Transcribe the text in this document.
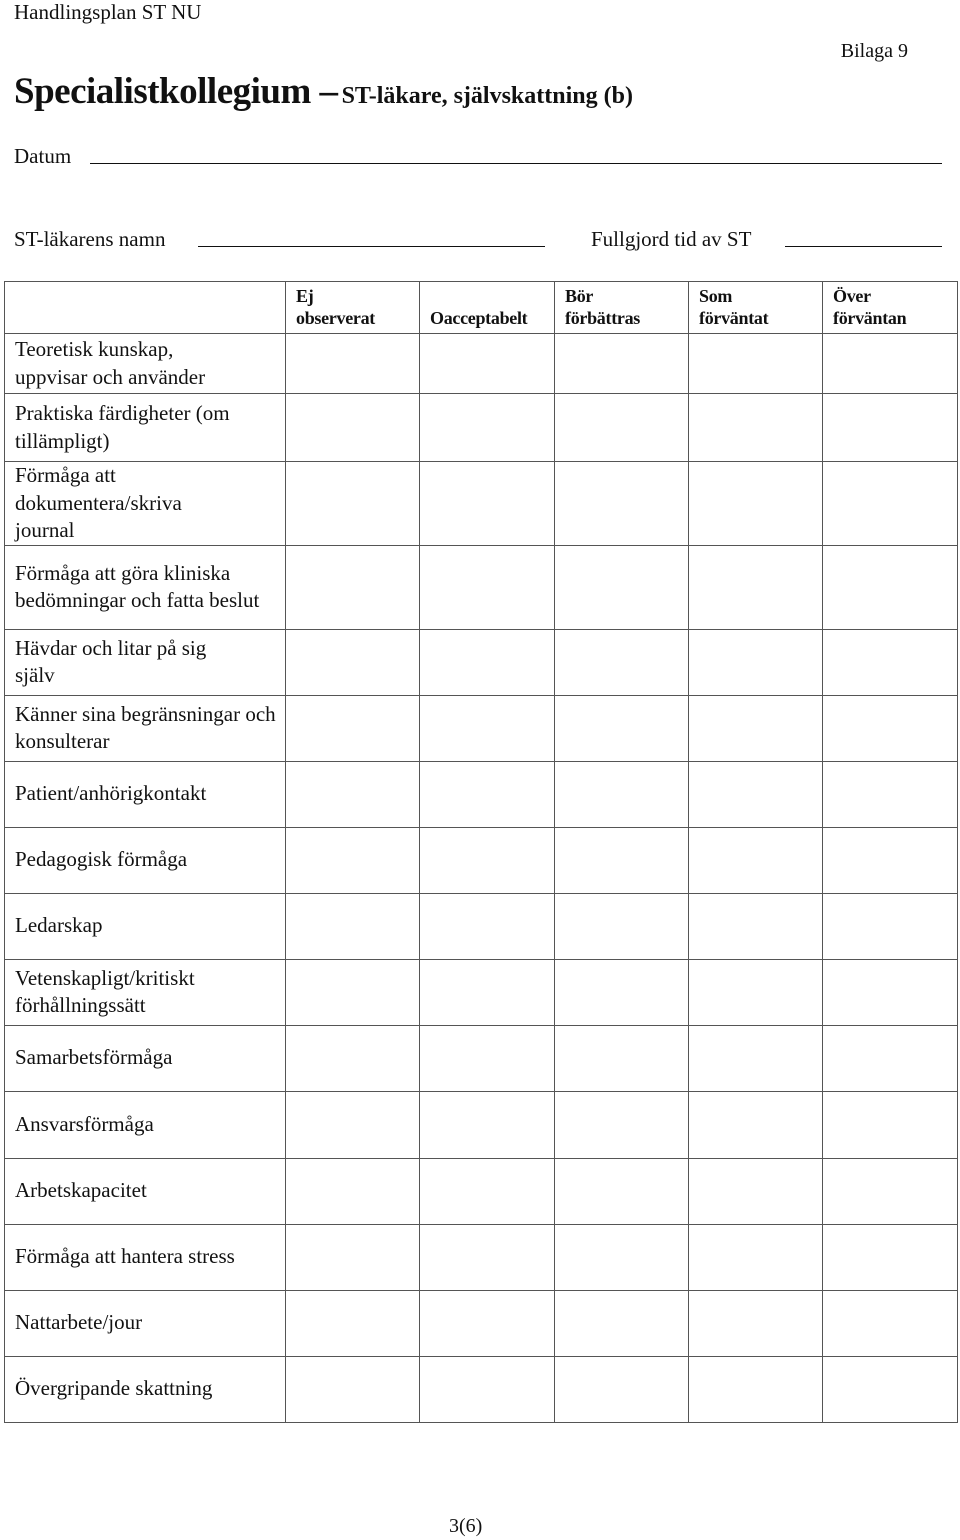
Handlingsplan ST NU
Bilaga 9
Specialistkollegium – ST-läkare, självskattning (b)
Datum
ST-läkarens namn	Fullgjord tid av ST
	Ej observerat	Oacceptabelt	Bör förbättras	Som förväntat	Över förväntan
Teoretisk kunskap, uppvisar och använder					
Praktiska färdigheter (om tillämpligt)					
Förmåga att dokumentera/skriva journal					
Förmåga att göra kliniska bedömningar och fatta beslut					
Hävdar och litar på sig själv					
Känner sina begränsningar och konsulterar					
Patient/anhörigkontakt					
Pedagogisk förmåga					
Ledarskap					
Vetenskapligt/kritiskt förhållningssätt					
Samarbetsförmåga					
Ansvarsförmåga					
Arbetskapacitet					
Förmåga att hantera stress					
Nattarbete/jour					
Övergripande skattning					
3(6)
